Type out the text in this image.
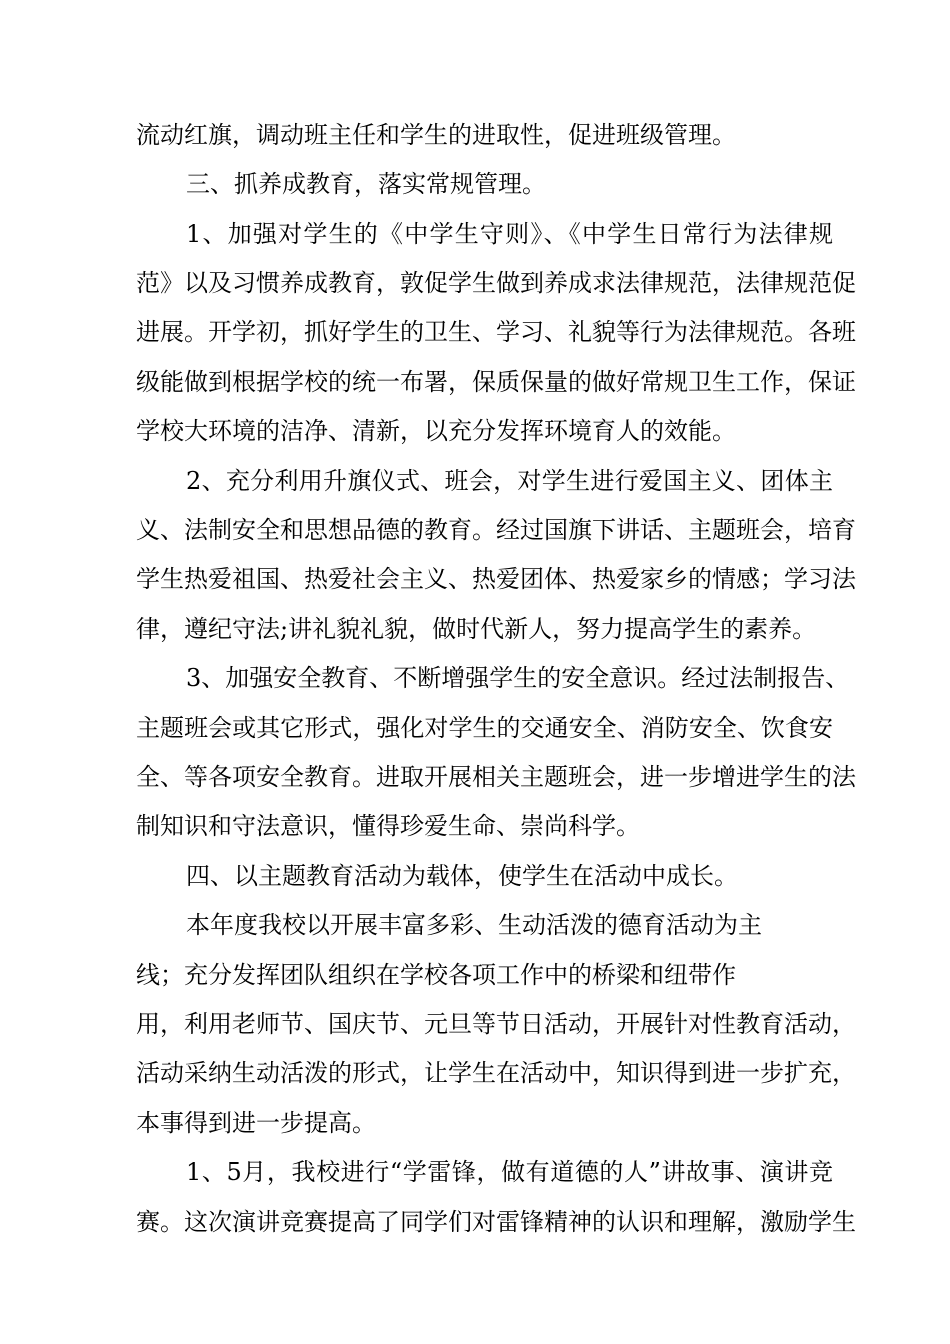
流动红旗，调动班主任和学生的进取性，促进班级管理。
三、抓养成教育，落实常规管理。
1、加强对学生的《中学生守则》、《中学生日常行为法律规
范》以及习惯养成教育，敦促学生做到养成求法律规范，法律规范促
进展。开学初，抓好学生的卫生、学习、礼貌等行为法律规范。各班
级能做到根据学校的统一布署，保质保量的做好常规卫生工作，保证
学校大环境的洁净、清新，以充分发挥环境育人的效能。
2、充分利用升旗仪式、班会，对学生进行爱国主义、团体主
义、法制安全和思想品德的教育。经过国旗下讲话、主题班会，培育
学生热爱祖国、热爱社会主义、热爱团体、热爱家乡的情感；学习法
律，遵纪守法;讲礼貌礼貌，做时代新人，努力提高学生的素养。
3、加强安全教育、不断增强学生的安全意识。经过法制报告、
主题班会或其它形式，强化对学生的交通安全、消防安全、饮食安
全、等各项安全教育。进取开展相关主题班会，进一步增进学生的法
制知识和守法意识，懂得珍爱生命、崇尚科学。
四、以主题教育活动为载体，使学生在活动中成长。
本年度我校以开展丰富多彩、生动活泼的德育活动为主
线；充分发挥团队组织在学校各项工作中的桥梁和纽带作
用，利用老师节、国庆节、元旦等节日活动，开展针对性教育活动，
活动采纳生动活泼的形式，让学生在活动中，知识得到进一步扩充，
本事得到进一步提高。
1、5月，我校进行“学雷锋，做有道德的人”讲故事、演讲竞
赛。这次演讲竞赛提高了同学们对雷锋精神的认识和理解，激励学生
